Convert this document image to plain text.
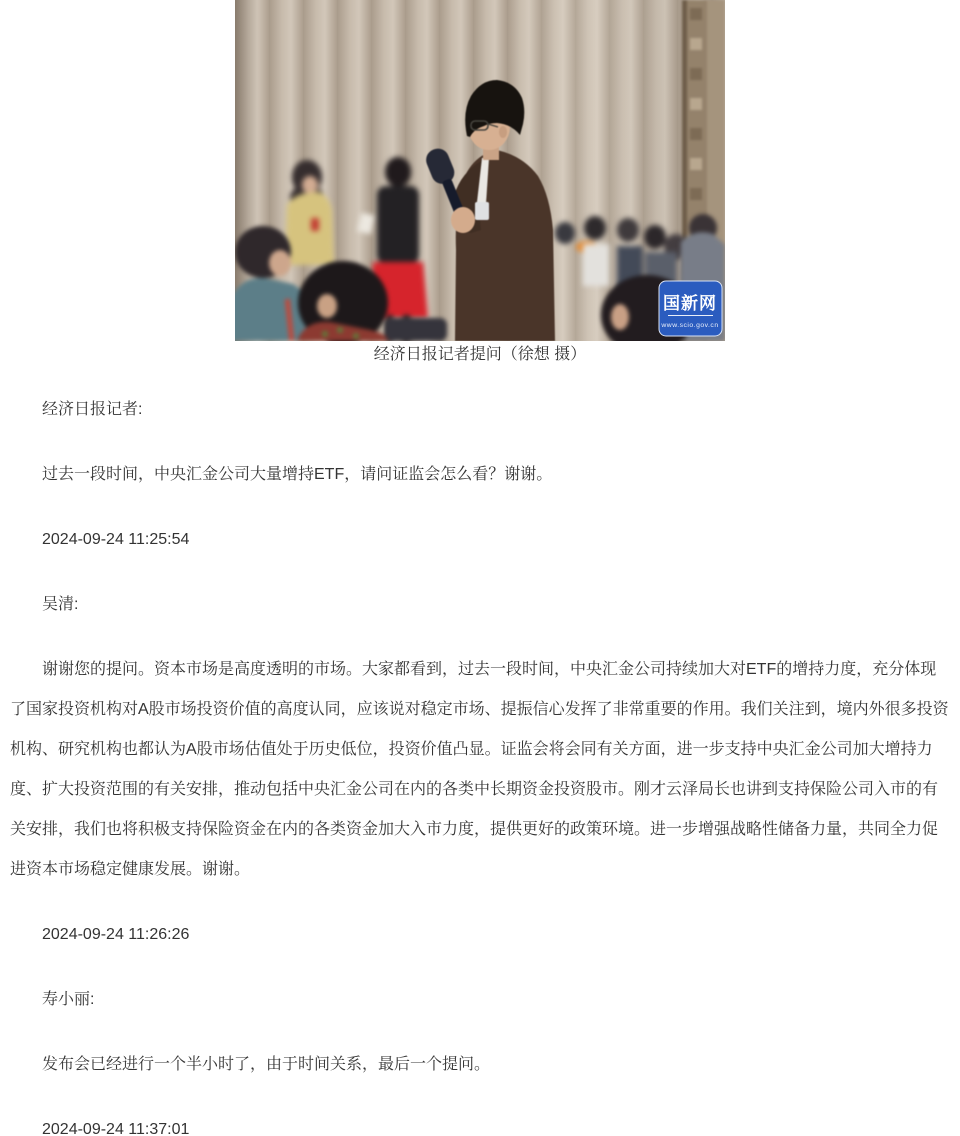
国新网
www.scio.gov.cn
经济日报记者提问（徐想 摄）

经济日报记者:

过去一段时间，中央汇金公司大量增持ETF，请问证监会怎么看？谢谢。

2024-09-24 11:25:54

吴清:

谢谢您的提问。资本市场是高度透明的市场。大家都看到，过去一段时间，中央汇金公司持续加大对ETF的增持力度，充分体现了国家投资机构对A股市场投资价值的高度认同，应该说对稳定市场、提振信心发挥了非常重要的作用。我们关注到，境内外很多投资机构、研究机构也都认为A股市场估值处于历史低位，投资价值凸显。证监会将会同有关方面，进一步支持中央汇金公司加大增持力度、扩大投资范围的有关安排，推动包括中央汇金公司在内的各类中长期资金投资股市。刚才云泽局长也讲到支持保险公司入市的有关安排，我们也将积极支持保险资金在内的各类资金加大入市力度，提供更好的政策环境。进一步增强战略性储备力量，共同全力促进资本市场稳定健康发展。谢谢。

2024-09-24 11:26:26

寿小丽:

发布会已经进行一个半小时了，由于时间关系，最后一个提问。

2024-09-24 11:37:01
